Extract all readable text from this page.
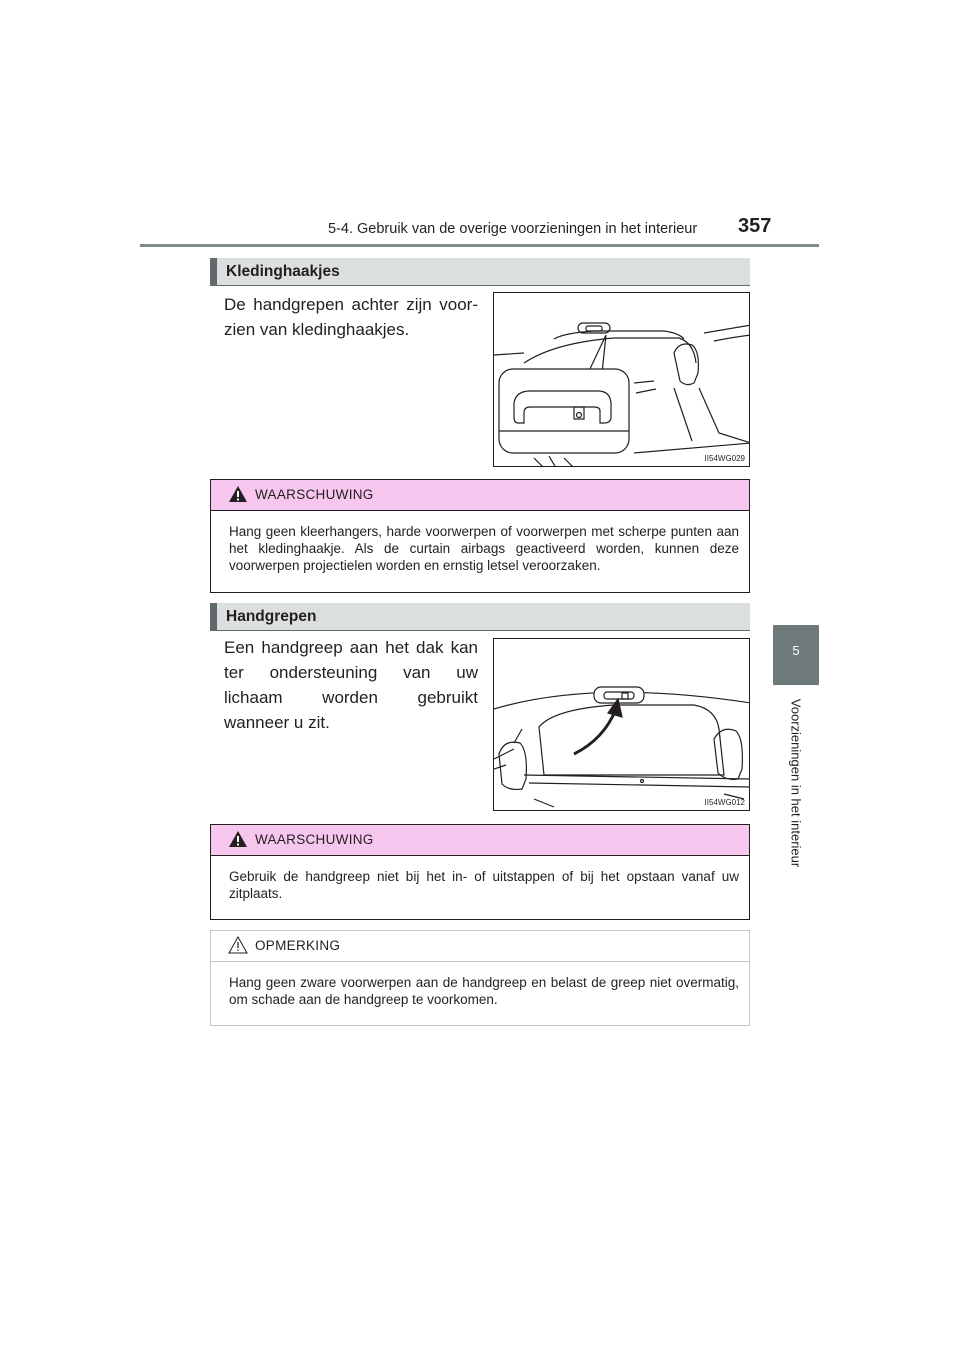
5-4. Gebruik van de overige voorzieningen in het interieur 357
5
Voorzieningen in het interieur
Kledinghaakjes
De handgrepen achter zijn voor-zien van kledinghaakjes.
II54WG029
WAARSCHUWING
Hang geen kleerhangers, harde voorwerpen of voorwerpen met scherpe punten aan het kledinghaakje. Als de curtain airbags geactiveerd worden, kunnen deze voorwerpen projectielen worden en ernstig letsel veroorzaken.
Handgrepen
Een handgreep aan het dak kan ter ondersteuning van uw lichaam worden gebruikt wanneer u zit.
II54WG012
WAARSCHUWING
Gebruik de handgreep niet bij het in- of uitstappen of bij het opstaan vanaf uw zitplaats.
OPMERKING
Hang geen zware voorwerpen aan de handgreep en belast de greep niet overmatig, om schade aan de handgreep te voorkomen.
